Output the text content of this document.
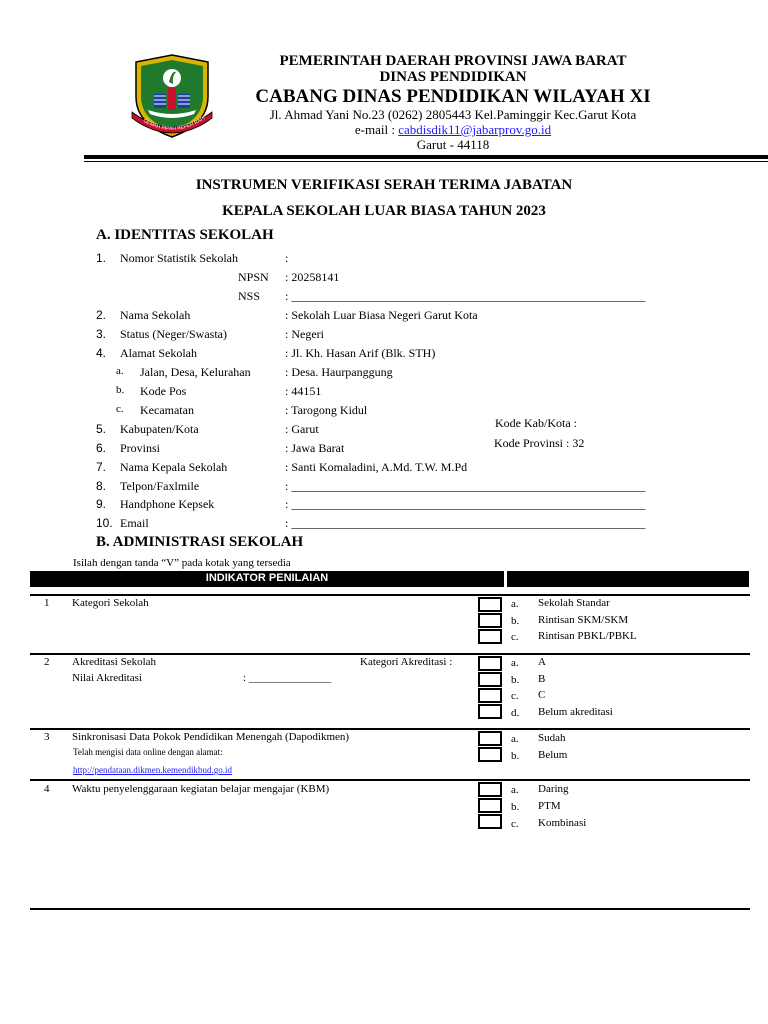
GEMAH RIPAH REPEH RAPI
PEMERINTAH DAERAH PROVINSI JAWA BARAT
DINAS PENDIDIKAN
CABANG DINAS PENDIDIKAN WILAYAH XI
Jl. Ahmad Yani No.23 (0262) 2805443 Kel.Paminggir Kec.Garut Kota
e-mail : cabdisdik11@jabarprov.go.id
Garut - 44118
INSTRUMEN VERIFIKASI SERAH TERIMA JABATAN
KEPALA SEKOLAH LUAR BIASA TAHUN 2023
A. IDENTITAS SEKOLAH
1. Nomor Statistik Sekolah	:
NPSN : 20258141
NSS : ___________________________________________________________
2. Nama Sekolah	: Sekolah Luar Biasa Negeri Garut Kota
3. Status (Neger/Swasta)	: Negeri
4. Alamat Sekolah	: Jl. Kh. Hasan Arif (Blk. STH)
a. Jalan, Desa, Kelurahan	: Desa. Haurpanggung
b. Kode Pos	: 44151
c. Kecamatan	: Tarogong Kidul
Kode Kab/Kota :
5. Kabupaten/Kota	: Garut
Kode Provinsi : 32
6. Provinsi	: Jawa Barat
7. Nama Kepala Sekolah	: Santi Komaladini, A.Md. T.W. M.Pd
8. Telpon/Faxlmile	: ___________________________________________________________
9. Handphone Kepsek	: ___________________________________________________________
10. Email	: ___________________________________________________________
B. ADMINISTRASI SEKOLAH
Isilah dengan tanda “V” pada kotak yang tersedia
INDIKATOR PENILAIAN
1 Kategori Sekolah	a. Sekolah Standar
b. Rintisan SKM/SKM
c. Rintisan PBKL/PBKL
2 Akreditasi Sekolah	Kategori Akreditasi :
Nilai Akreditasi	: _______________
a. A
b. B
c. C
d. Belum akreditasi
3 Sinkronisasi Data Pokok Pendidikan Menengah (Dapodikmen)
Telah mengisi data online dengan alamat:
http://pendataan.dikmen.kemendikbud.go.id
a. Sudah
b. Belum
4 Waktu penyelenggaraan kegiatan belajar mengajar (KBM)	a. Daring
b. PTM
c. Kombinasi
